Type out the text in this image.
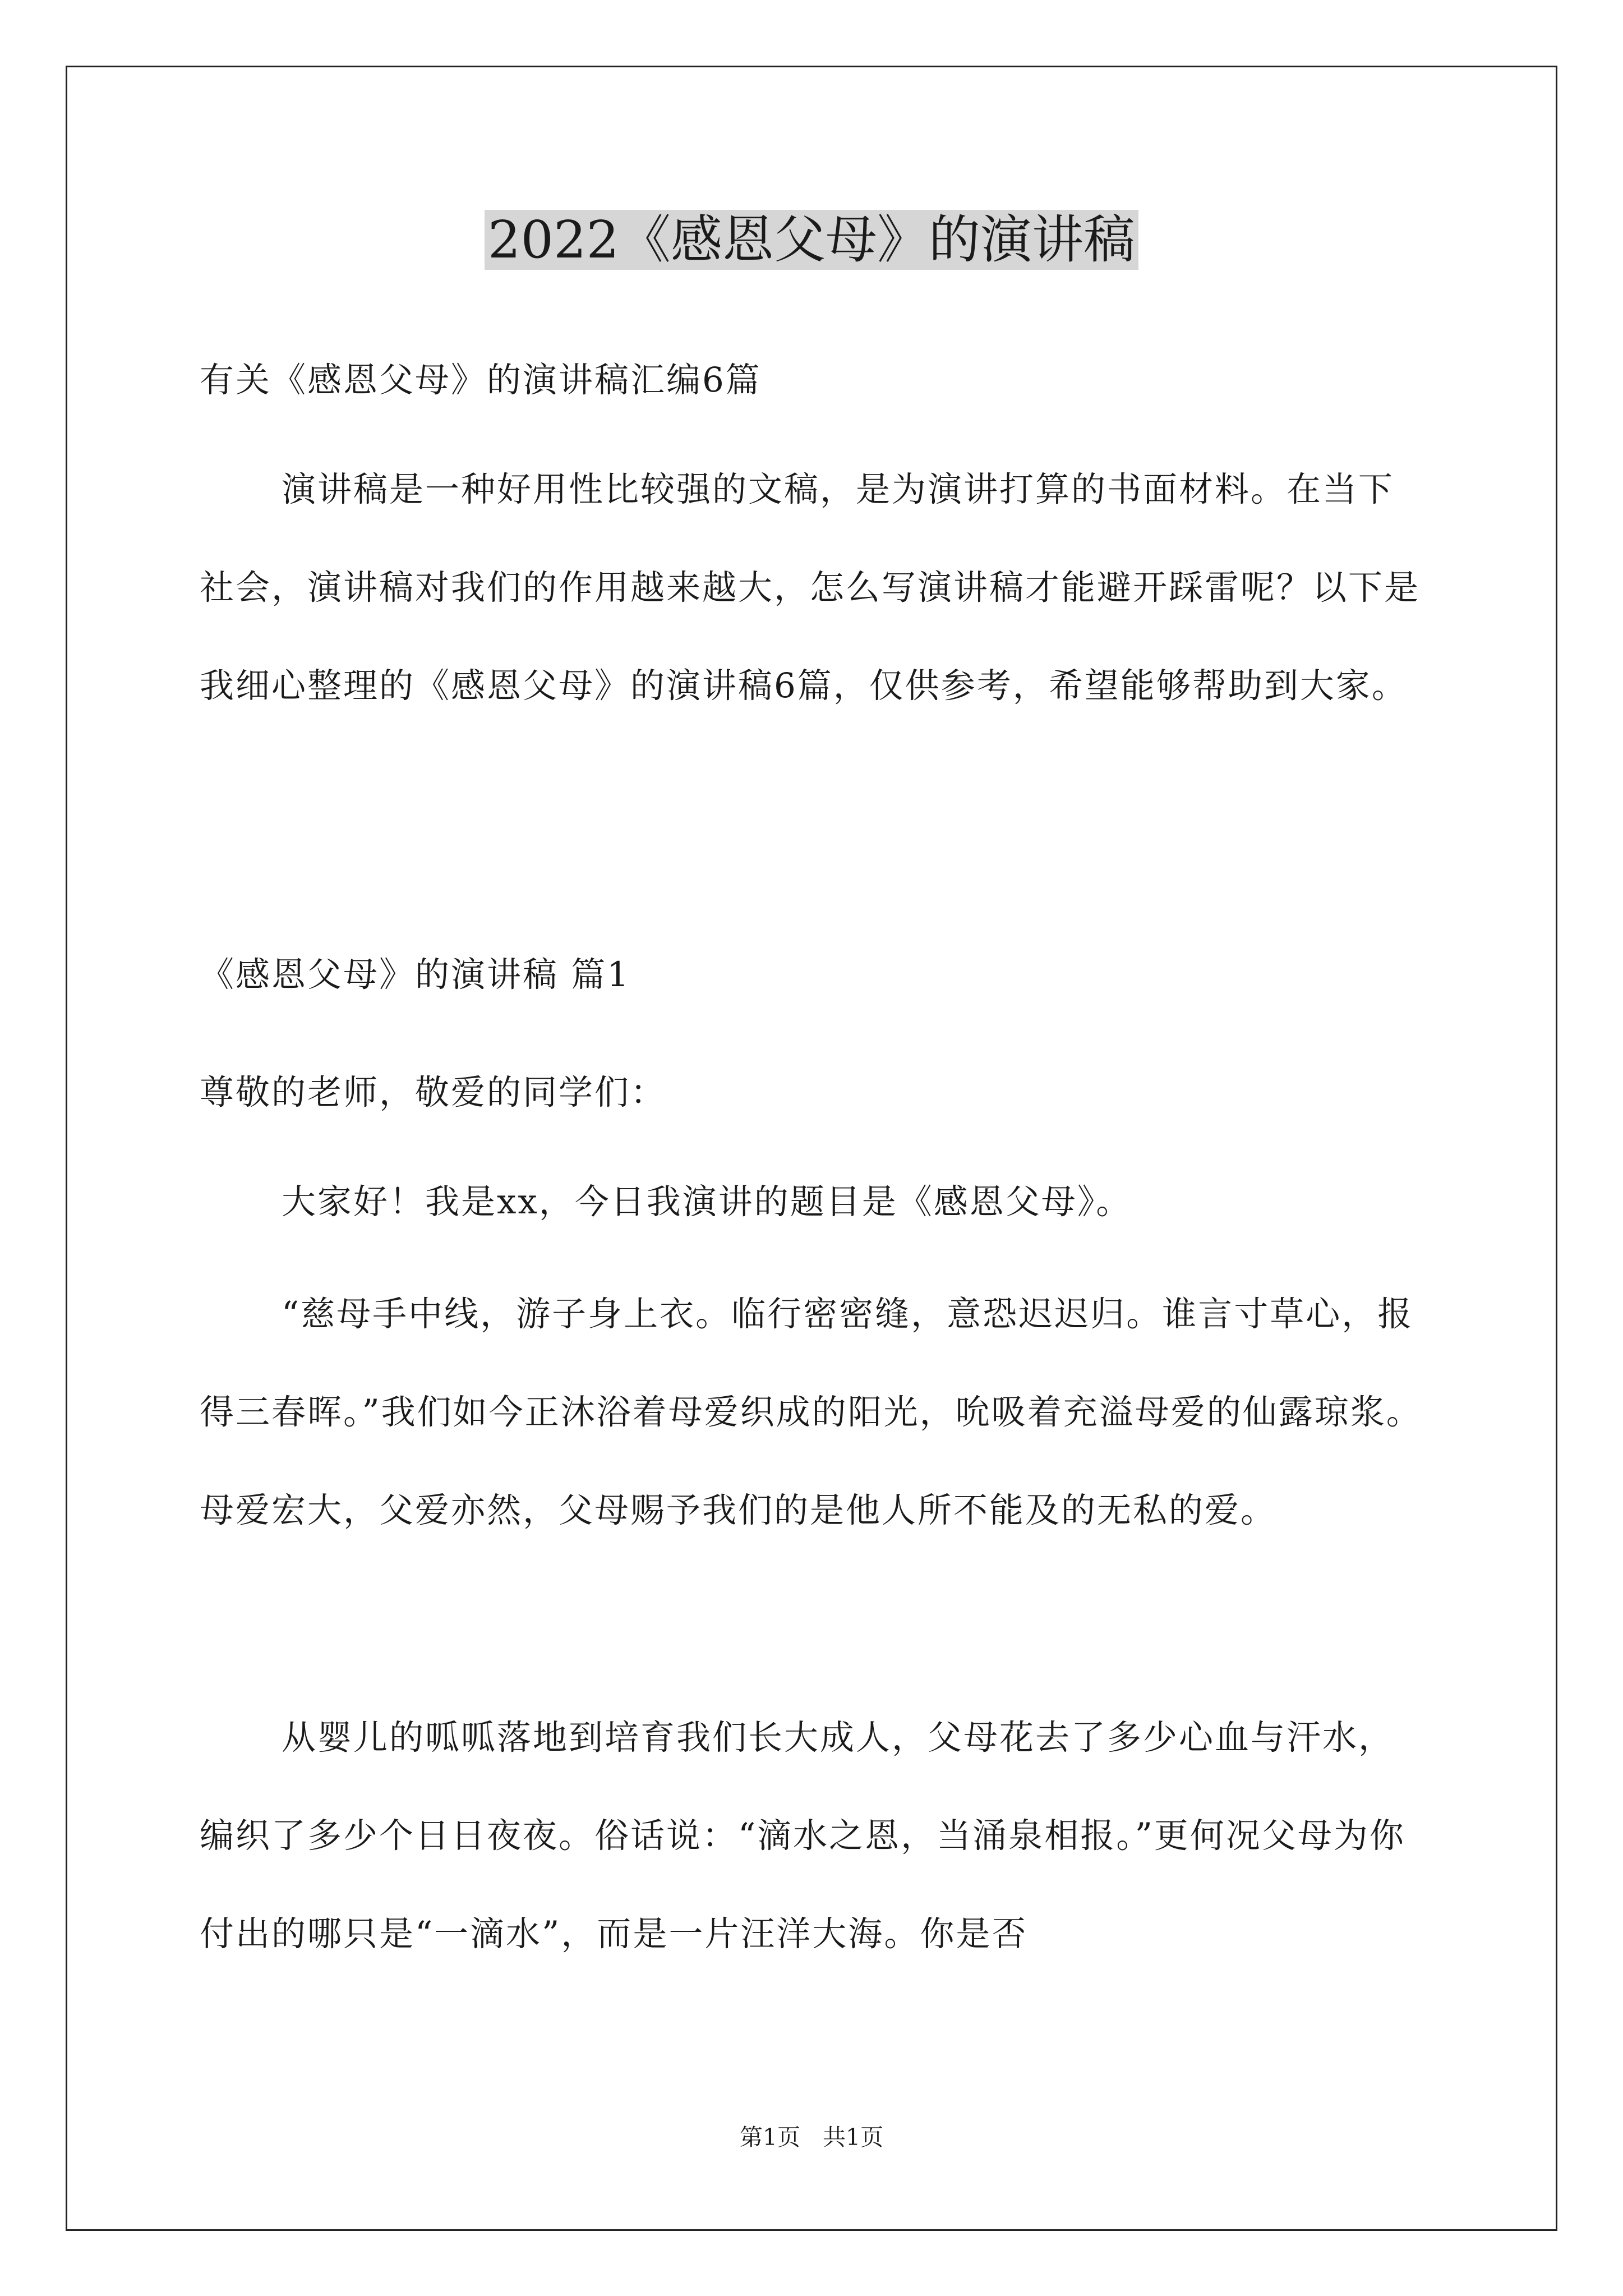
2022《感恩父母》的演讲稿

有关《感恩父母》的演讲稿汇编6篇

演讲稿是一种好用性比较强的文稿，是为演讲打算的书面材料。在当下社会，演讲稿对我们的作用越来越大，怎么写演讲稿才能避开踩雷呢？以下是我细心整理的《感恩父母》的演讲稿6篇，仅供参考，希望能够帮助到大家。

《感恩父母》的演讲稿 篇1

尊敬的老师，敬爱的同学们：

大家好！我是xx，今日我演讲的题目是《感恩父母》。

“慈母手中线，游子身上衣。临行密密缝，意恐迟迟归。谁言寸草心，报得三春晖。”我们如今正沐浴着母爱织成的阳光，吮吸着充溢母爱的仙露琼浆。母爱宏大，父爱亦然，父母赐予我们的是他人所不能及的无私的爱。

从婴儿的呱呱落地到培育我们长大成人，父母花去了多少心血与汗水，编织了多少个日日夜夜。俗话说：“滴水之恩，当涌泉相报。”更何况父母为你付出的哪只是“一滴水”，而是一片汪洋大海。你是否

第1页 共1页
